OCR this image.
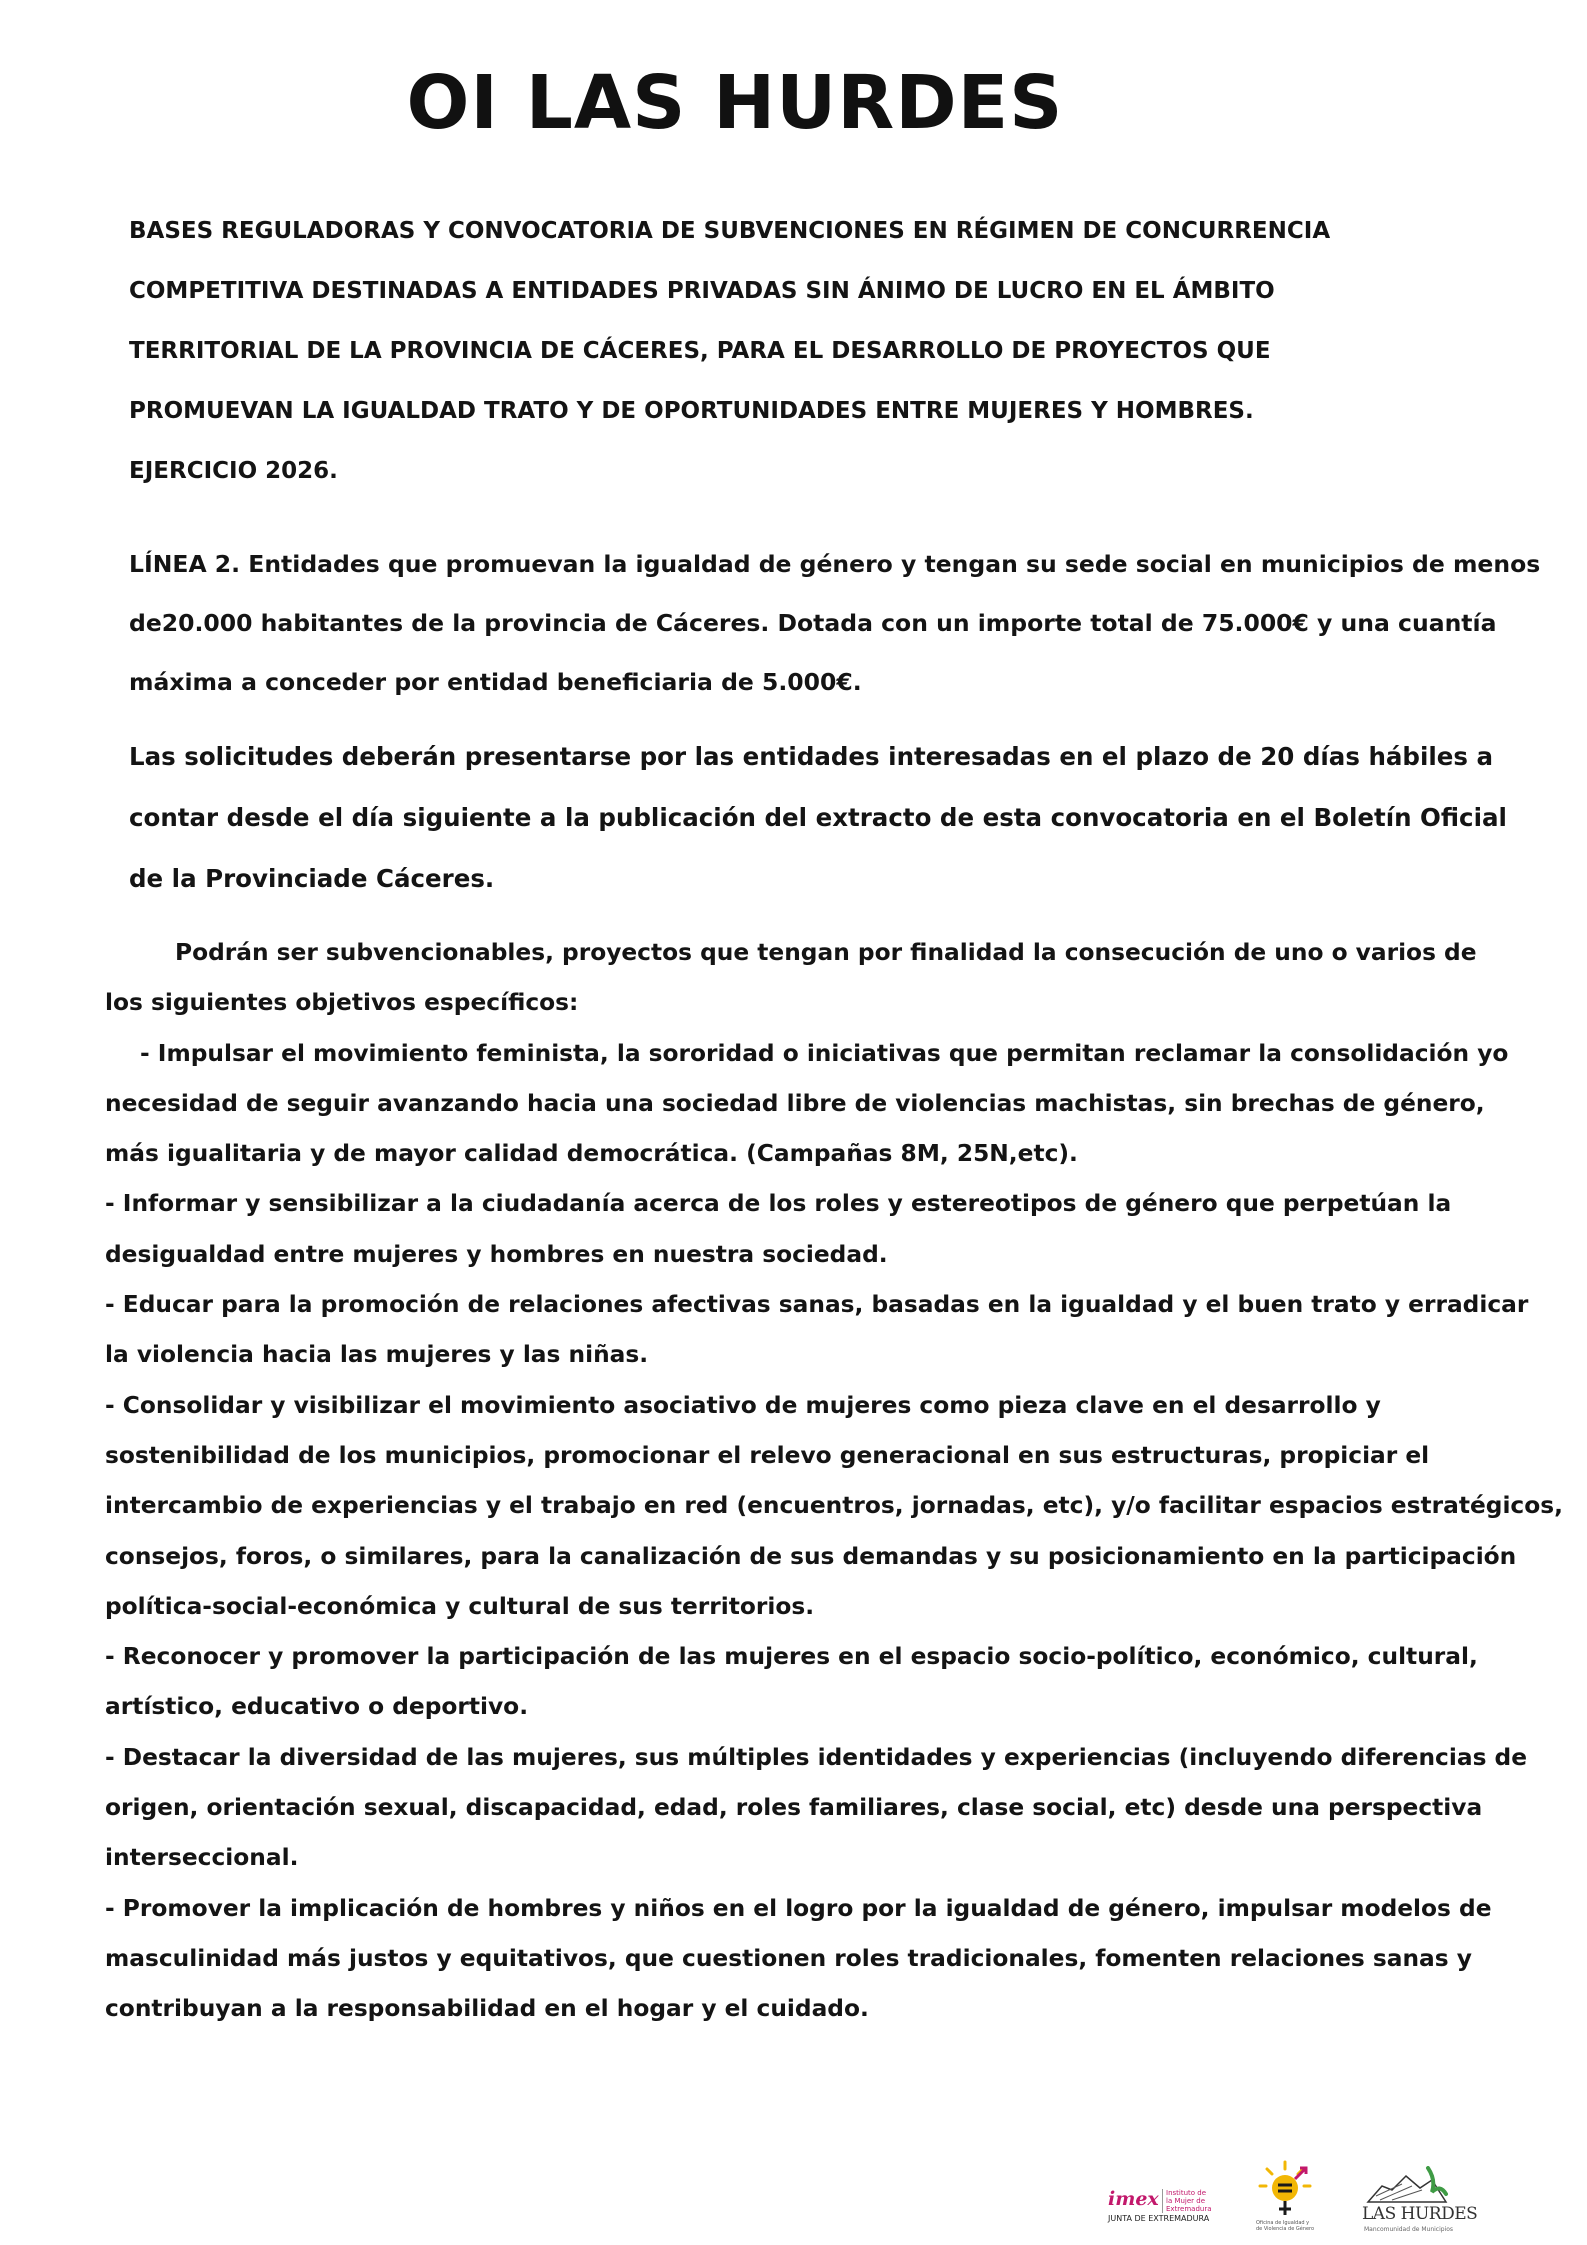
OI LAS HURDES
BASES REGULADORAS Y CONVOCATORIA DE SUBVENCIONES EN RÉGIMEN DE CONCURRENCIA
COMPETITIVA DESTINADAS A ENTIDADES PRIVADAS SIN ÁNIMO DE LUCRO EN EL ÁMBITO
TERRITORIAL DE LA PROVINCIA DE CÁCERES, PARA EL DESARROLLO DE PROYECTOS QUE
PROMUEVAN LA IGUALDAD TRATO Y DE OPORTUNIDADES ENTRE MUJERES Y HOMBRES.
EJERCICIO 2026.
LÍNEA 2. Entidades que promuevan la igualdad de género y tengan su sede social en municipios de menos
de20.000 habitantes de la provincia de Cáceres. Dotada con un importe total de 75.000€ y una cuantía
máxima a conceder por entidad beneficiaria de 5.000€.
Las solicitudes deberán presentarse por las entidades interesadas en el plazo de 20 días hábiles a
contar desde el día siguiente a la publicación del extracto de esta convocatoria en el Boletín Oficial
de la Provinciade Cáceres.
Podrán ser subvencionables, proyectos que tengan por finalidad la consecución de uno o varios de
los siguientes objetivos específicos:
- Impulsar el movimiento feminista, la sororidad o iniciativas que permitan reclamar la consolidación yo
necesidad de seguir avanzando hacia una sociedad libre de violencias machistas, sin brechas de género,
más igualitaria y de mayor calidad democrática. (Campañas 8M, 25N,etc).
- Informar y sensibilizar a la ciudadanía acerca de los roles y estereotipos de género que perpetúan la
desigualdad entre mujeres y hombres en nuestra sociedad.
- Educar para la promoción de relaciones afectivas sanas, basadas en la igualdad y el buen trato y erradicar
la violencia hacia las mujeres y las niñas.
- Consolidar y visibilizar el movimiento asociativo de mujeres como pieza clave en el desarrollo y
sostenibilidad de los municipios, promocionar el relevo generacional en sus estructuras, propiciar el
intercambio de experiencias y el trabajo en red (encuentros, jornadas, etc), y/o facilitar espacios estratégicos,
consejos, foros, o similares, para la canalización de sus demandas y su posicionamiento en la participación
política-social-económica y cultural de sus territorios.
- Reconocer y promover la participación de las mujeres en el espacio socio-político, económico, cultural,
artístico, educativo o deportivo.
- Destacar la diversidad de las mujeres, sus múltiples identidades y experiencias (incluyendo diferencias de
origen, orientación sexual, discapacidad, edad, roles familiares, clase social, etc) desde una perspectiva
interseccional.
- Promover la implicación de hombres y niños en el logro por la igualdad de género, impulsar modelos de
masculinidad más justos y equitativos, que cuestionen roles tradicionales, fomenten relaciones sanas y
contribuyan a la responsabilidad en el hogar y el cuidado.
imex	Instituto de la Mujer de Extremadura
JUNTA DE EXTREMADURA	Oficina de Igualdad y de Violencia de Género
LAS HURDES
Mancomunidad de Municipios
